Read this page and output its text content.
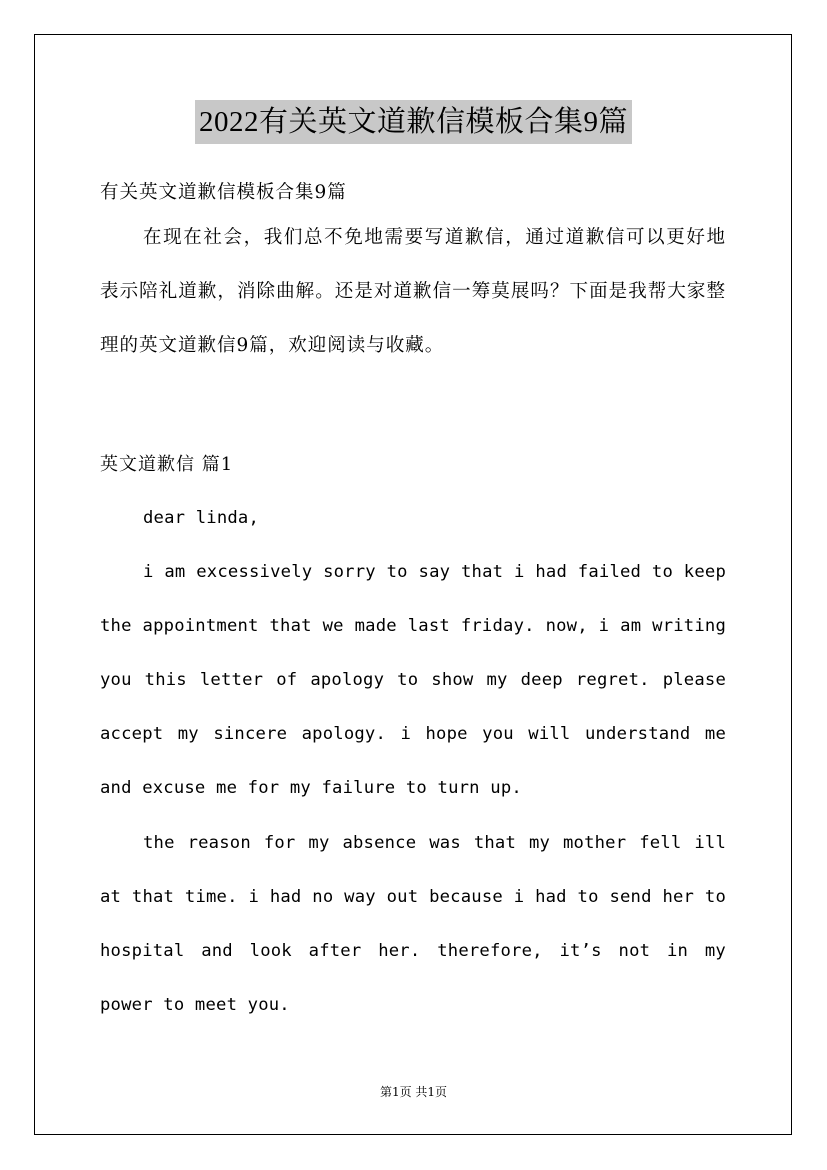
2022有关英文道歉信模板合集9篇
有关英文道歉信模板合集9篇
在现在社会，我们总不免地需要写道歉信，通过道歉信可以更好地表示陪礼道歉，消除曲解。还是对道歉信一筹莫展吗？下面是我帮大家整理的英文道歉信9篇，欢迎阅读与收藏。
英文道歉信 篇1
dear linda,
i am excessively sorry to say that i had failed to keep the appointment that we made last friday. now, i am writing you this letter of apology to show my deep regret. please accept my sincere apology. i hope you will understand me and excuse me for my failure to turn up.
the reason for my absence was that my mother fell ill at that time. i had no way out because i had to send her to hospital and look after her. therefore, it’s not in my power to meet you.
第1页 共1页
